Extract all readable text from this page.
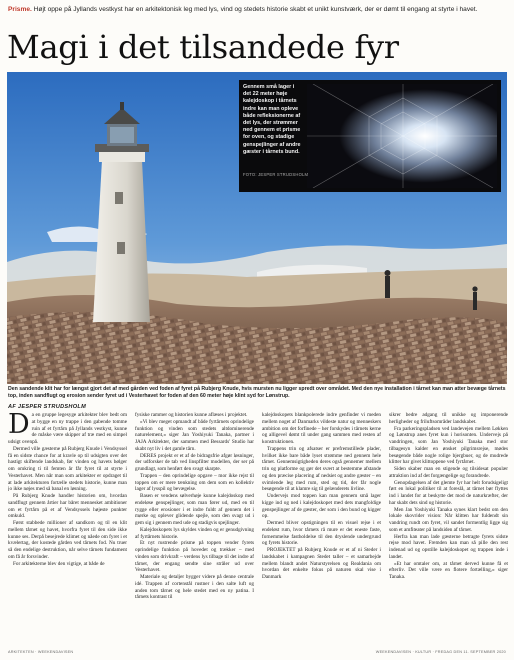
Prisme. Højt oppe på Jyllands vestkyst har en arkitektonisk leg med lys, vind og stedets historie skabt et unikt kunstværk, der er dømt til engang at styrte i havet.
Magi i det tilsandede fyr
Gennem små lager i det 22 meter høje kalejdoskop i tårnets indre kan man opleve både refleksionerne af det lys, der strømmer ned gennem et prisme for oven, og stadige genspejlinger af andre gæster i tårnets bund.
FOTO: JESPER STRUDSHOLM
Den sandende klit har for længst gjort det af med gården ved foden af fyret på Rubjerg Knude, hvis mursten nu ligger spredt over området. Med den nye installation i tårnet kan man atter bevæge tårnets top, inden sandflugt og erosion sender fyret ud i Vesterhavet for foden af den 60 meter høje klint syd for Lønstrup.
AF JESPER STRUDSHOLM

Da en gruppe legesyge arkitekter blev bedt om at bygge en ny trappe i den gabende tomme ruin af et fyrtårn på Jyllands vestkyst, kunne de måske være skipper af træ med en simpel udsigt ovenpå.

Dermed ville gæsterne på Rubjerg Knude i Vendsyssel få en sidste chance for at kravle op til udsigten over det hastigt skiftende landskab, før vinden og havets bølger om omkring ti til femten år får fyret til at styrte i Vesterhavet. Men når man som arkitekter er opdraget til at lade arkitekturen fortælle stedets historie, kunne man jo ikke nøjes med så banal en løsning.

På Rubjerg Knude handler historien om, hvordan sandflugt gennem årtier har båret mennesket ambitioner om et fyrtårn på et af Vendsyssels højeste punkter omkuld.

Først stabbede millioner af sandkorn og til en klit mellem tårnet og havet, hvorfra fyret til den side ikke kunne ses. Derpå besejrede klimet og nåede om fyret i et kvælertag, der kostede gården ved tårnets fod. Nu truer så den endelige destruktion, når selve tårnets fundament om få år forsvinder.

For arkitekterne blev den vigtige, at både de

fysiske rammer og historien kunne aflæses i projektet.

»Vi blev meget opmandt af både fyrtårnets oprindelige funktion og vinden som stedets altdominerende naturelement,« siger Jan Yoshiyuki Tanaka, partner i JAJA Arkitekter, der sammen med Bessards' Studio har skabt nyt liv i det gamle tårn.

DERES projekt er et af de bidragsfrie afgør løsninger, der udforsker de tab ved linspfilter modellen, der ser på grundlagt, som henført den svagt skarpte.

Trappen – den oprindelige opgave – mor ikke rejst til toppen om er mere tænkning om dem som en kollektiv lager af lysspil og bevægelse.

Basen er vendens sølverhøje kunne kalejdoskop med endeløse genspejlinger, som man fører ud, med en til rygge eller erosioner i et indre fuldt af gennem det i mørke og oplever glidende spejle, som den svagt ud i gem sig i gennem med ude og stadigvis spejlinger.

Kalejdoskopets lys skyldes vinden og er genudgivning af fyrtårnets historie.

Et nyt rustrende prisme på toppen vender fyrets oprindelige funktion på hovedet og trækker – med vinden som drivkraft – verdens lys tilbage til det indre af tårnet, der engang sendte sine stråler ud over Vesterhavet.

Materiale og detaljer bygger videre på denne centrale idé. Trappen af cortenstål rustner i den salte luft og anden tom tårnet og hele stedet med en ny patina. I tårnets kontrast til

kalejdoskopets blankpolerede indre genfinder vi meden mellem noget af Danmarks vildeste natur og menneskers ambition om det forfinede – her forskydes i tårnets kerne og alligevel dømt til under gang sammen med resten af konstruktionen.

Trappens trin og afsatser er prefremstillede plader, hvilket ikke bare både lyset strømme ned gennem hele tårnet. Gennemsigtigheden deres også gennemer mellem trin og platforme og gør det svært at bestemme afstande og den præcise placering af nedsiet og andre gæster – en svimlende leg med rum, sted og tid, der får nogle besøgende til at klamre sig til gelænderets livline.

Undervejs mod toppen kan man gennem små lager kigge ind og ned i kalejdoskopet med dets mangfoldige genspejlinger af de gæster, der som i den bund og kigger op.

Dermed bliver opstigningen til en visuel rejse i et endeløst rum, hvor tårnets rå mure er det eneste faste, fornemmelse fastholdelse til den dryslende undergrund og fyrets historie.

PROJEKTET på Rubjerg Knude er et af ni Steder i landskabet i kampagnen Stedet taller – et samarbejde mellem blandt andet Naturstyrelsen og Realdania om hvordan det enkelte fokus på naturen skal vise i Danmark

sikrer bedre adgang til unikke og imponerende herligheder og friluftsområder landskabet.

Fra parkeringspladsen ved landevejen mellem Løkken og Lønstrup anes fyret kun i horisonten. Undervejs på vandringen, som Jan Yoshiyuki Tanaka med stor tilbagesyn kalder en ønsket pilgrimsrejse, mødes besøgende både nogle rolige bjergbuer, og de mudrede klitter har givet klittoppene ved fyrtårnet.

Siden skaber man en stigende og tilsidesat populær attraktion ind af det forgængelige og forandrede.

Genopdagelsen af det glemte fyr har helt forudsigeligt ført en lokal politiker til at foreslå, at tårnet bør flyttes ind i landet for at beskytte det mod de naturkræfter, der har skabt dets sind og historie.

Men Jan Yoshiyuki Tanaka synes klart bedst om den lokale skovrider vision: Når klitten har fuldendt sin vandring rundt om fyret, vil sandet formentlig ligge sig som et amfiteater på landsiden af tårnet.

Herfra kan man lade gæsterne betragte fyrets sidste rejse mod havet. Fremden kan man så pille den rest indenad ud og opstille kalejdoskopet og trappen inde i landet.

»Et har omtaler om, at tårnet derved kunne få et efterliv. Det ville være en flotere fortælling,« siger Tanaka.

ARKITEKTEN · WEEKENDAVISEN	WEEKENDAVISEN · KULTUR · FREDAG DEN 11. SEPTEMBER 2020
